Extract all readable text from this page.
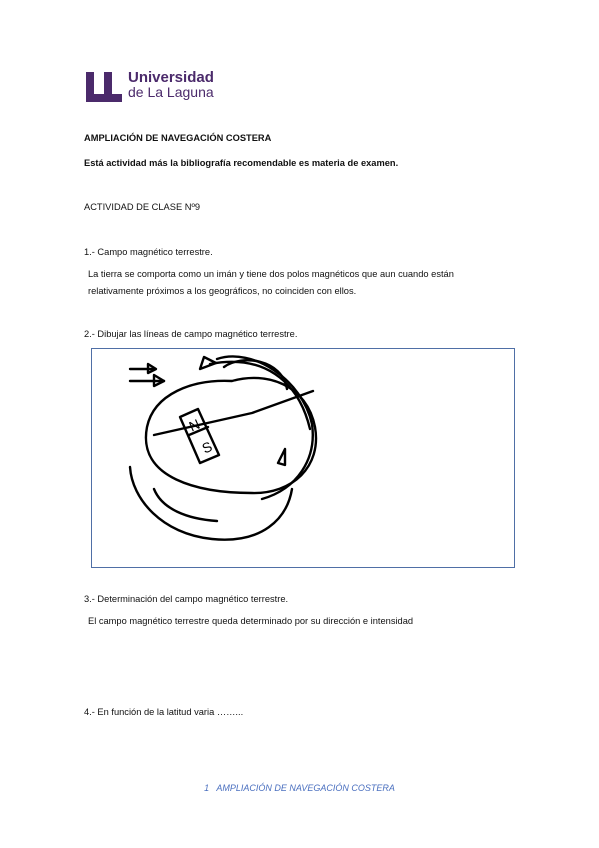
Universidad
de La Laguna
AMPLIACIÓN DE NAVEGACIÓN COSTERA
Está actividad más la bibliografía recomendable es materia de examen.
ACTIVIDAD DE CLASE Nº9
1.- Campo magnético terrestre.
La tierra se comporta como un imán y tiene dos polos magnéticos que aun cuando están
relativamente próximos a los geográficos, no coinciden con ellos.
2.- Dibujar las líneas de campo magnético terrestre.
N
S
3.- Determinación del campo magnético terrestre.
El campo magnético terrestre queda determinado por su dirección e intensidad
4.- En función de la latitud varia ……...
1 AMPLIACIÓN DE NAVEGACIÓN COSTERA
